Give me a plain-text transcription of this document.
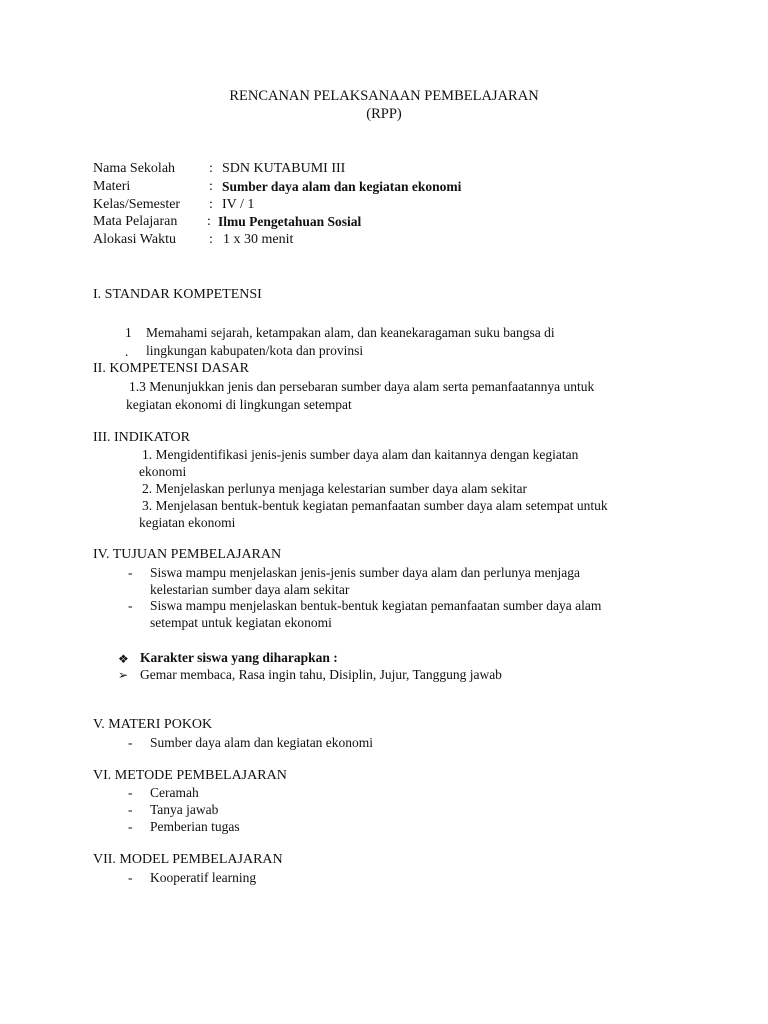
RENCANAN PELAKSANAAN PEMBELAJARAN
(RPP)
Nama Sekolah : SDN KUTABUMI III
Materi	: Sumber daya alam dan kegiatan ekonomi
Kelas/Semester : IV / 1
Mata Pelajaran : Ilmu Pengetahuan Sosial
Alokasi Waktu : 1 x 30 menit
I. STANDAR KOMPETENSI
1
.
Memahami sejarah, ketampakan alam, dan keanekaragaman suku bangsa di
lingkungan kabupaten/kota dan provinsi
II. KOMPETENSI DASAR
1.3 Menunjukkan jenis dan persebaran sumber daya alam serta pemanfaatannya untuk
kegiatan ekonomi di lingkungan setempat
III. INDIKATOR
1. Mengidentifikasi jenis-jenis sumber daya alam dan kaitannya dengan kegiatan
ekonomi
2. Menjelaskan perlunya menjaga kelestarian sumber daya alam sekitar
3. Menjelasan bentuk-bentuk kegiatan pemanfaatan sumber daya alam setempat untuk
kegiatan ekonomi
IV. TUJUAN PEMBELAJARAN
- Siswa mampu menjelaskan jenis-jenis sumber daya alam dan perlunya menjaga
kelestarian sumber daya alam sekitar
- Siswa mampu menjelaskan bentuk-bentuk kegiatan pemanfaatan sumber daya alam
setempat untuk kegiatan ekonomi
❖ Karakter siswa yang diharapkan :
➢ Gemar membaca, Rasa ingin tahu, Disiplin, Jujur, Tanggung jawab
V. MATERI POKOK
- Sumber daya alam dan kegiatan ekonomi
VI. METODE PEMBELAJARAN
- Ceramah
- Tanya jawab
- Pemberian tugas
VII. MODEL PEMBELAJARAN
- Kooperatif learning
